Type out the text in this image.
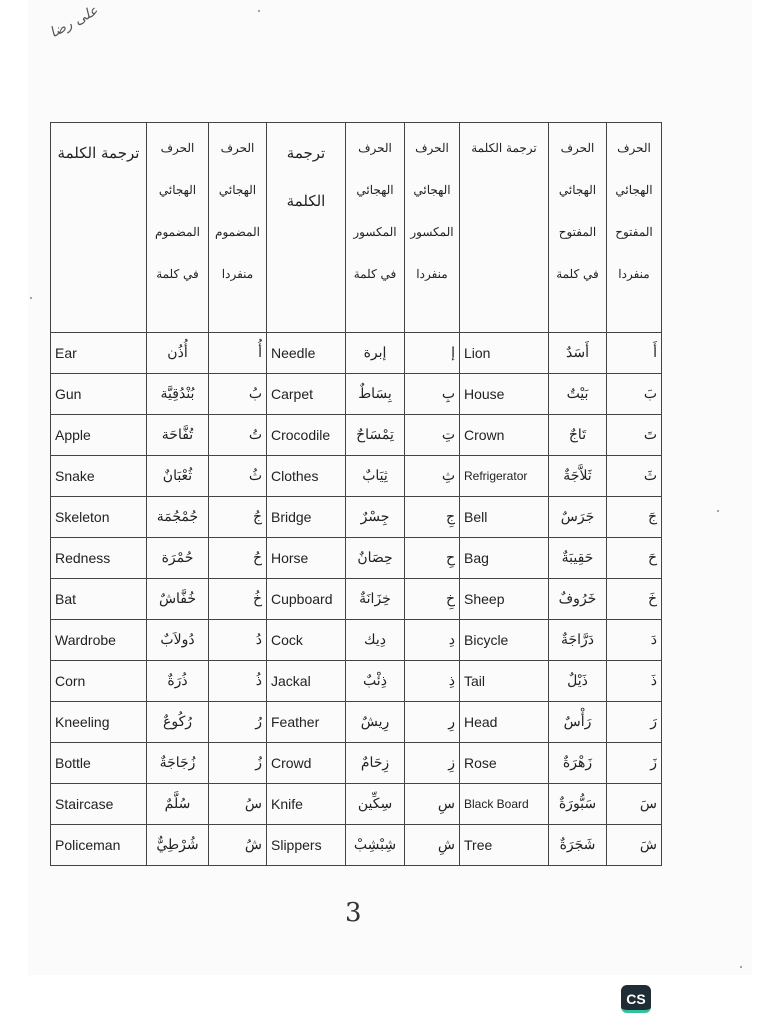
علی رضا
ترجمة الكلمة	الحرف الهجائي المضموم في كلمة	الحرف الهجائي المضموم منفردا	ترجمة الكلمة	الحرف الهجائي المكسور في كلمة	الحرف الهجائي المكسور منفردا	ترجمة الكلمة	الحرف الهجائي المفتوح في كلمة	الحرف الهجائي المفتوح منفردا

Ear	أُذُن	أُ	Needle	إبرة	إ	Lion	أَسَدٌ	أَ
Gun	بُنْدُقِيَّة	بُ	Carpet	بِسَاطٌ	بِ	House	بَيْتٌ	بَ
Apple	تُفَّاحَة	تُ	Crocodile	تِمْسَاحٌ	تِ	Crown	تَاجٌ	تَ
Snake	ثُعْبَانٌ	ثُ	Clothes	ثِيَابٌ	ثِ	Refrigerator	ثَلاَّجَةٌ	ثَ
Skeleton	جُمْجُمَة	جُ	Bridge	جِسْرٌ	جِ	Bell	جَرَسٌ	جَ
Redness	حُمْرَة	حُ	Horse	حِصَانٌ	حِ	Bag	حَقِيبَةٌ	حَ
Bat	خُفَّاشٌ	خُ	Cupboard	خِزَانَةٌ	خِ	Sheep	خَرُوفٌ	خَ
Wardrobe	دُولاَبٌ	دُ	Cock	دِيك	دِ	Bicycle	دَرَّاجَةٌ	دَ
Corn	ذُرَةٌ	ذُ	Jackal	ذِئْبٌ	ذِ	Tail	ذَيْلٌ	ذَ
Kneeling	رُكُوعٌ	رُ	Feather	رِيشٌ	رِ	Head	رَأْسٌ	رَ
Bottle	زُجَاجَةٌ	زُ	Crowd	زِحَامٌ	زِ	Rose	زَهْرَةٌ	زَ
Staircase	سُلَّمٌ	سُ	Knife	سِكِّين	سِ	Black Board	سَبُّورَةٌ	سَ
Policeman	شُرْطِيٌّ	شُ	Slippers	شِبْشِبْ	شِ	Tree	شَجَرَةٌ	شَ
3
CS
